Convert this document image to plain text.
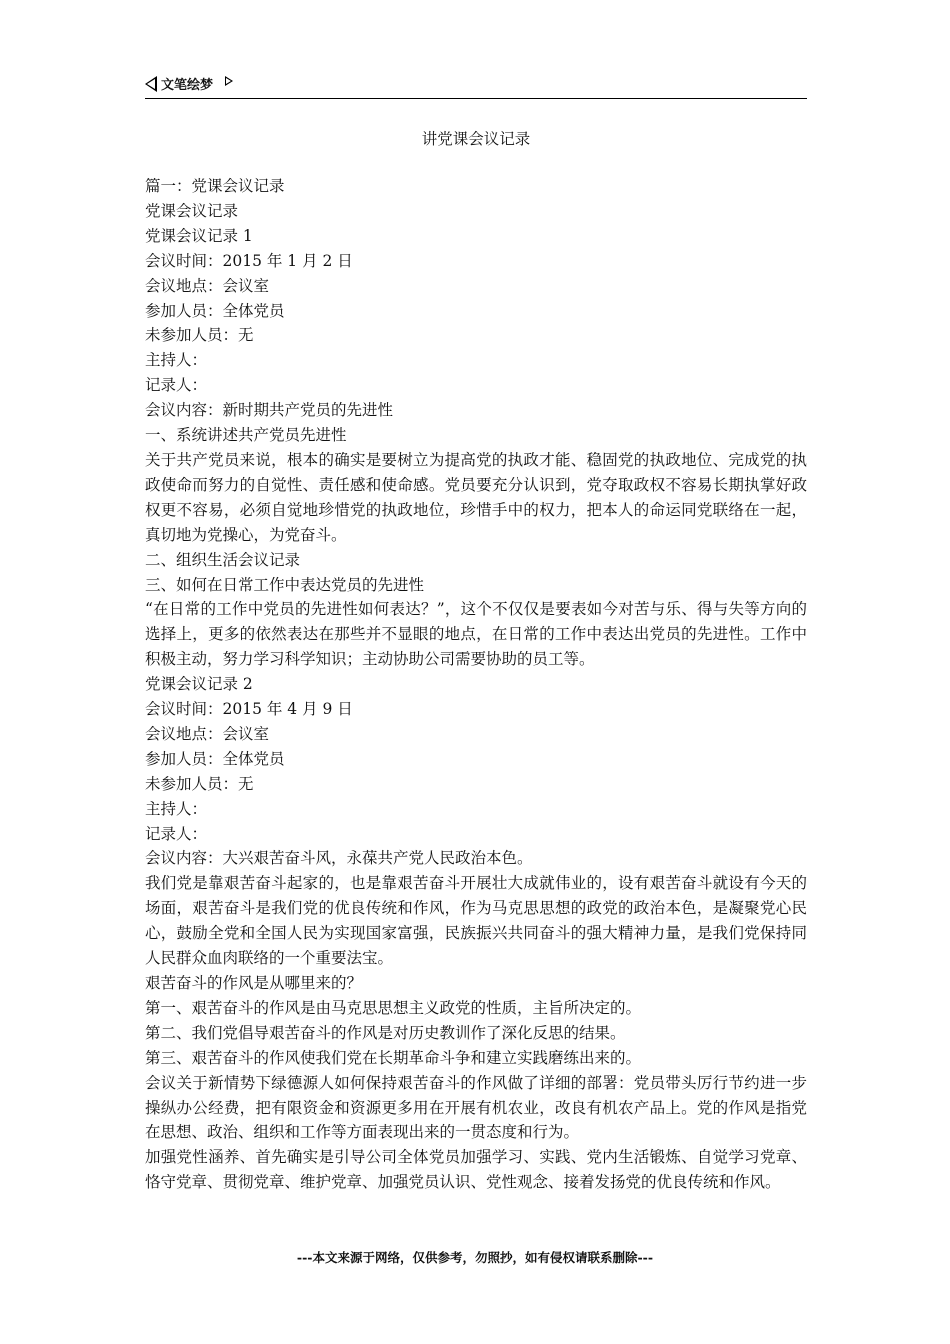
文笔绘梦
讲党课会议记录

篇一：党课会议记录

党课会议记录

党课会议记录 1

会议时间：2015 年 1 月 2 日

会议地点：会议室

参加人员：全体党员

未参加人员：无

主持人：

记录人：

会议内容：新时期共产党员的先进性

一、系统讲述共产党员先进性

关于共产党员来说，根本的确实是要树立为提高党的执政才能、稳固党的执政地位、完成党的执政使命而努力的自觉性、责任感和使命感。党员要充分认识到，党夺取政权不容易长期执掌好政权更不容易，必须自觉地珍惜党的执政地位，珍惜手中的权力，把本人的命运同党联络在一起，真切地为党操心，为党奋斗。

二、组织生活会议记录

三、如何在日常工作中表达党员的先进性

“在日常的工作中党员的先进性如何表达？”，这个不仅仅是要表如今对苦与乐、得与失等方向的选择上，更多的依然表达在那些并不显眼的地点，在日常的工作中表达出党员的先进性。工作中积极主动，努力学习科学知识；主动协助公司需要协助的员工等。

党课会议记录 2

会议时间：2015 年 4 月 9 日

会议地点：会议室

参加人员：全体党员

未参加人员：无

主持人：

记录人：

会议内容：大兴艰苦奋斗风，永葆共产党人民政治本色。

我们党是靠艰苦奋斗起家的，也是靠艰苦奋斗开展壮大成就伟业的，设有艰苦奋斗就设有今天的场面，艰苦奋斗是我们党的优良传统和作风，作为马克思思想的政党的政治本色，是凝聚党心民心，鼓励全党和全国人民为实现国家富强，民族振兴共同奋斗的强大精神力量，是我们党保持同人民群众血肉联络的一个重要法宝。

艰苦奋斗的作风是从哪里来的？

第一、艰苦奋斗的作风是由马克思思想主义政党的性质，主旨所决定的。

第二、我们党倡导艰苦奋斗的作风是对历史教训作了深化反思的结果。

第三、艰苦奋斗的作风使我们党在长期革命斗争和建立实践磨练出来的。

会议关于新情势下绿德源人如何保持艰苦奋斗的作风做了详细的部署：党员带头厉行节约进一步操纵办公经费，把有限资金和资源更多用在开展有机农业，改良有机农产品上。党的作风是指党在思想、政治、组织和工作等方面表现出来的一贯态度和行为。

加强党性涵养、首先确实是引导公司全体党员加强学习、实践、党内生活锻炼、自觉学习党章、恪守党章、贯彻党章、维护党章、加强党员认识、党性观念、接着发扬党的优良传统和作风。

---本文来源于网络，仅供参考，勿照抄，如有侵权请联系删除---
